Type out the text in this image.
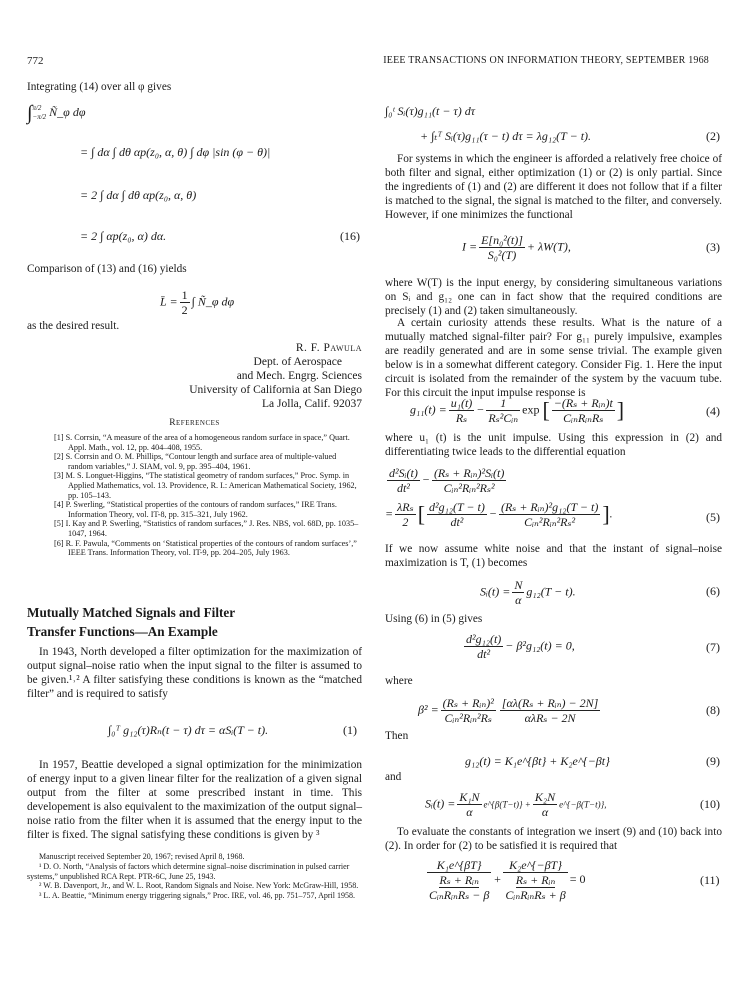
772	IEEE TRANSACTIONS ON INFORMATION THEORY, SEPTEMBER 1968
Integrating (14) over all φ gives
∫ π/2
−π/2 Ñ_φ dφ
= ∫ dα ∫ dθ αp(z₀, α, θ) ∫ dφ |sin (φ − θ)|
= 2 ∫ dα ∫ dθ αp(z₀, α, θ)
= 2 ∫ αp(z₀, α) dα.	(16)
Comparison of (13) and (16) yields
L̄ = $\frac{1}{2}$ ∫ Ñ_φ dφ
as the desired result.
R. F. Pawula
Dept. of Aerospace
and Mech. Engrg. Sciences
University of California at San Diego
La Jolla, Calif. 92037
References
[1] S. Corrsin, “A measure of the area of a homogeneous random surface in space,” Quart. Appl. Math., vol. 12, pp. 404–408, 1955.
[2] S. Corrsin and O. M. Phillips, “Contour length and surface area of multiple-valued random variables,” J. SIAM, vol. 9, pp. 395–404, 1961.
[3] M. S. Longuet-Higgins, “The statistical geometry of random surfaces,” Proc. Symp. in Applied Mathematics, vol. 13. Providence, R. I.: American Mathematical Society, 1962, pp. 105–143.
[4] P. Swerling, “Statistical properties of the contours of random surfaces,” IRE Trans. Information Theory, vol. IT-8, pp. 315–321, July 1962.
[5] I. Kay and P. Swerling, “Statistics of random surfaces,” J. Res. NBS, vol. 68D, pp. 1035–1047, 1964.
[6] R. F. Pawula, “Comments on ‘Statistical properties of the contours of random surfaces’,” IEEE Trans. Information Theory, vol. IT-9, pp. 204–205, July 1963.
Mutually Matched Signals and Filter
Transfer Functions—An Example
In 1943, North developed a filter optimization for the maximization of output signal–noise ratio when the input signal to the filter is assumed to be given.¹˒² A filter satisfying these conditions is known as the “matched filter” and is required to satisfy
∫₀ᵀ g₁₂(τ)Rₙ(t − τ) dτ = αSᵢ(T − t).	(1)
In 1957, Beattie developed a signal optimization for the minimization of energy input to a given linear filter for the realization of a given signal output from the filter at some prescribed instant in time. This developement is also equivalent to the maximization of the output signal–noise ratio from the filter when it is assumed that the energy input to the filter is fixed. The signal satisfying these conditions is given by ³
Manuscript received September 20, 1967; revised April 8, 1968.
¹ D. O. North, “Analysis of factors which determine signal–noise discrimination in pulsed carrier systems,” unpublished RCA Rept. PTR-6C, June 25, 1943.
² W. B. Davenport, Jr., and W. L. Root, Random Signals and Noise. New York: McGraw-Hill, 1958.
³ L. A. Beattie, “Minimum energy triggering signals,” Proc. IRE, vol. 46, pp. 751–757, April 1958.
∫₀ᵗ Sᵢ(τ)g₁₁(t − τ) dτ
+ ∫ₜᵀ Sᵢ(τ)g₁₁(τ − t) dτ = λg₁₂(T − t).	(2)
For systems in which the engineer is afforded a relatively free choice of both filter and signal, either optimization (1) or (2) is only partial. Since the ingredients of (1) and (2) are different it does not follow that if a filter is matched to the signal, the signal is matched to the filter, and conversely. However, if one minimizes the functional
$I = \frac{\text{E[n₀²(t)]}}{\text{S₀²(T)}} + \lambda W(T)$,	(3)
where W(T) is the input energy, by considering simultaneous variations on Sᵢ and g₁₂ one can in fact show that the required conditions are precisely (1) and (2) taken simultaneously.
A certain curiosity attends these results. What is the nature of a mutually matched signal-filter pair? For g₁₁ purely impulsive, examples are readily generated and are in some sense trivial. The example given below is in a somewhat different category. Consider Fig. 1. Here the input circuit is isolated from the remainder of the system by the vacuum tube. For this circuit the input impulse response is
$g_{11}(t) = \frac{\text{u₁(t)}}{\text{Rₛ}} - \frac{1}{\text{Rₛ²Cᵢₙ}}$ exp [ $\frac{\text{−(Rₛ + Rᵢₙ)t}}{\text{CᵢₙRᵢₙRₛ}}$ ]	(4)
where u₁ (t) is the unit impulse. Using this expression in (2) and differentiating twice leads to the differential equation
$\frac{\text{d²Sᵢ(t)}}{\text{dt²}} - \frac{\text{(Rₛ + Rᵢₙ)²Sᵢ(t)}}{\text{Cᵢₙ²Rᵢₙ²Rₛ²}}$
= $\frac{\text{λRₛ}}{2}$ [ $\frac{\text{d²g₁₂(T − t)}}{\text{dt²}} - \frac{\text{(Rₛ + Rᵢₙ)²g₁₂(T − t)}}{\text{Cᵢₙ²Rᵢₙ²Rₛ²}}$ ].	(5)
If we now assume white noise and that the instant of signal–noise maximization is T, (1) becomes
Sᵢ(t) = $\frac{N}{\alpha} g_{12}(T - t)$.	(6)
Using (6) in (5) gives
$\frac{\text{d²g₁₂(t)}}{\text{dt²}} - \beta^2g_{12}(t) = 0$,	(7)
where
$\beta^2 = \frac{\text{(Rₛ + Rᵢₙ)²}}{\text{Cᵢₙ²Rᵢₙ²Rₛ}} \frac{\text{[αλ(Rₛ + Rᵢₙ) − 2N]}}{\text{αλRₛ − 2N}}$	(8)
Then
g₁₂(t) = K₁e^{βt} + K₂e^{−βt}	(9)
and
Sᵢ(t) = $\frac{\text{K₁N}}{\alpha}$ e^{β(T−t)} + $\frac{\text{K₂N}}{\alpha}$ e^{−β(T−t)},	(10)
To evaluate the constants of integration we insert (9) and (10) back into (2). In order for (2) to be satisfied it is required that
K₁e^{βT}
Rₛ + Rᵢₙ
CᵢₙRᵢₙRₛ − β
+
K₂e^{−βT}
Rₛ + Rᵢₙ
CᵢₙRᵢₙRₛ + β
= 0	(11)
